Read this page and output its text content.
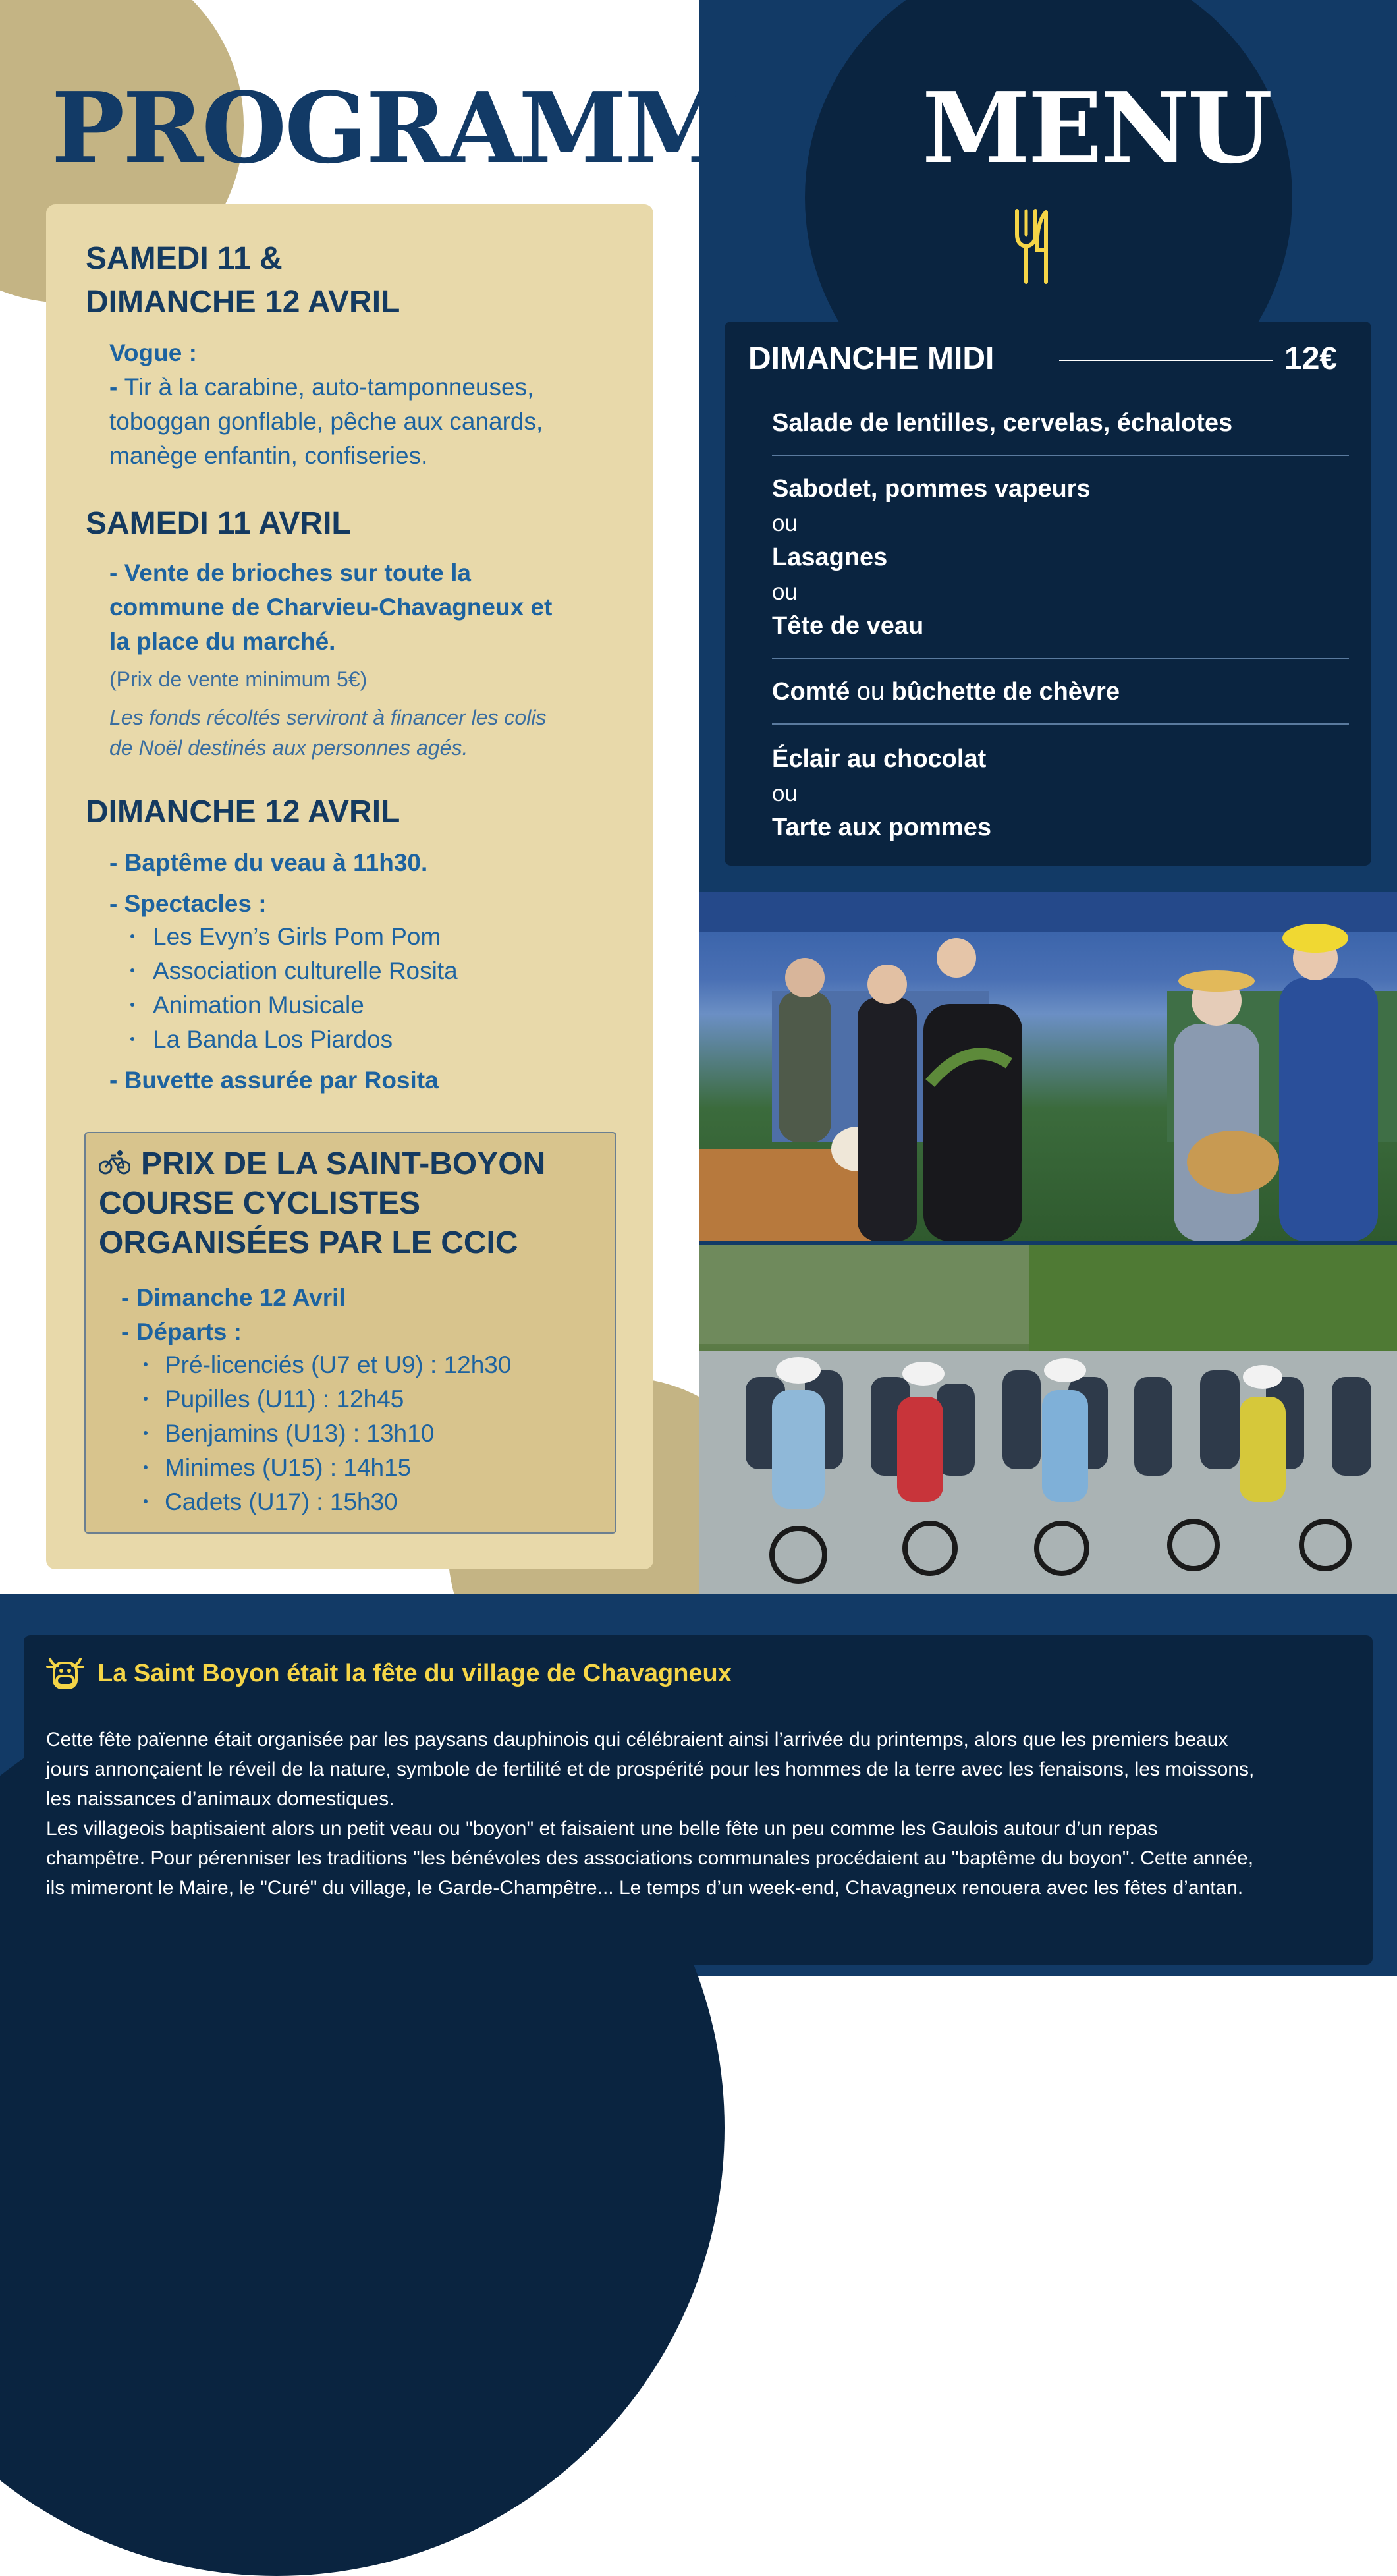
PROGRAMME MENU

SAMEDI 11 &

DIMANCHE 12 AVRIL

Vogue :

- Tir à la carabine, auto-tamponneuses,

toboggan gonflable, pêche aux canards,

manège enfantin, confiseries.

SAMEDI 11 AVRIL

- Vente de brioches sur toute la

commune de Charvieu-Chavagneux et

la place du marché.

(Prix de vente minimum 5€)

Les fonds récoltés serviront à financer les colis

de Noël destinés aux personnes agés.

DIMANCHE 12 AVRIL

- Baptême du veau à 11h30.

- Spectacles :

Les Evyn’s Girls Pom Pom

Association culturelle Rosita

Animation Musicale

La Banda Los Piardos

- Buvette assurée par Rosita

PRIX DE LA SAINT-BOYON

COURSE CYCLISTES

ORGANISÉES PAR LE CCIC

- Dimanche 12 Avril

- Départs :

Pré-licenciés (U7 et U9) : 12h30

Pupilles (U11) : 12h45

Benjamins (U13) : 13h10

Minimes (U15) : 14h15

Cadets (U17) : 15h30

DIMANCHE MIDI	12€

Salade de lentilles, cervelas, échalotes

Sabodet, pommes vapeurs

ou

Lasagnes

ou

Tête de veau

Comté ou bûchette de chèvre

Éclair au chocolat

ou

Tarte aux pommes

La Saint Boyon était la fête du village de Chavagneux

Cette fête païenne était organisée par les paysans dauphinois qui célébraient ainsi l’arrivée du printemps, alors que les premiers beaux
jours annonçaient le réveil de la nature, symbole de fertilité et de prospérité pour les hommes de la terre avec les fenaisons, les moissons,
les naissances d’animaux domestiques.
Les villageois baptisaient alors un petit veau ou "boyon" et faisaient une belle fête un peu comme les Gaulois autour d’un repas
champêtre. Pour pérenniser les traditions "les bénévoles des associations communales procédaient au "baptême du boyon". Cette année,
ils mimeront le Maire, le "Curé" du village, le Garde-Champêtre... Le temps d’un week-end, Chavagneux renouera avec les fêtes d’antan.
